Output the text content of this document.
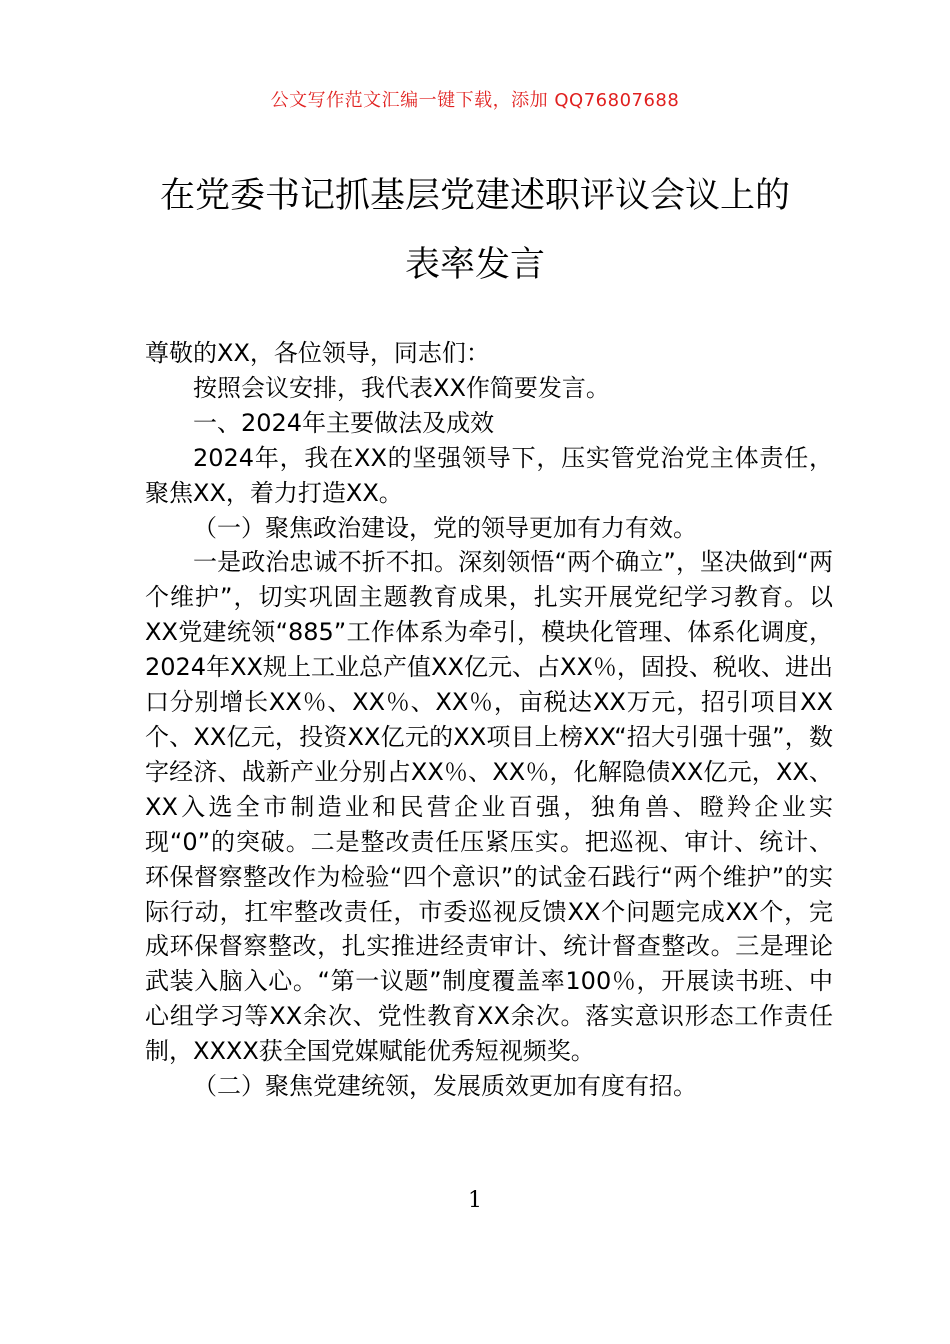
公文写作范文汇编一键下载，添加 QQ76807688
在党委书记抓基层党建述职评议会议上的
表率发言

尊敬的XX，各位领导，同志们：

按照会议安排，我代表XX作简要发言。

一、2024年主要做法及成效

2024年，我在XX的坚强领导下，压实管党治党主体责任，聚焦XX，着力打造XX。

（一）聚焦政治建设，党的领导更加有力有效。

一是政治忠诚不折不扣。深刻领悟“两个确立”，坚决做到“两个维护”，切实巩固主题教育成果，扎实开展党纪学习教育。以XX党建统领“885”工作体系为牵引，模块化管理、体系化调度，2024年XX规上工业总产值XX亿元、占XX％，固投、税收、进出口分别增长XX％、XX％、XX％，亩税达XX万元，招引项目XX个、XX亿元，投资XX亿元的XX项目上榜XX“招大引强十强”，数字经济、战新产业分别占XX％、XX％，化解隐债XX亿元，XX、XX入选全市制造业和民营企业百强，独角兽、瞪羚企业实现“0”的突破。二是整改责任压紧压实。把巡视、审计、统计、环保督察整改作为检验“四个意识”的试金石践行“两个维护”的实际行动，扛牢整改责任，市委巡视反馈XX个问题完成XX个，完成环保督察整改，扎实推进经责审计、统计督查整改。三是理论武装入脑入心。“第一议题”制度覆盖率100％，开展读书班、中心组学习等XX余次、党性教育XX余次。落实意识形态工作责任制，XXXX获全国党媒赋能优秀短视频奖。

（二）聚焦党建统领，发展质效更加有度有招。

1
